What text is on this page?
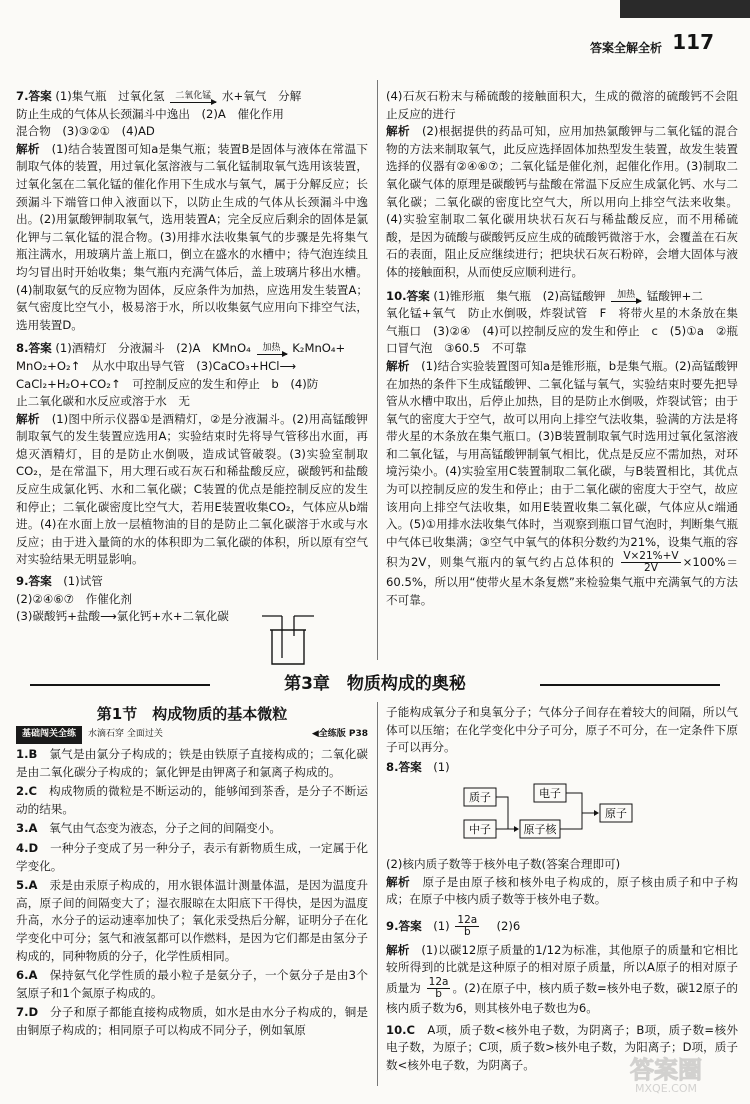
答案全解全析 117

7.答案 (1)集气瓶　过氧化氢	二氧化锰 水+氧气　分解

防止生成的气体从长颈漏斗中逸出　(2)A　催化作用

混合物　(3)③②①　(4)AD

解析　 (1)结合装置图可知a是集气瓶；装置B是固体与液体在常温下制取气体的装置，用过氧化氢溶液与二氧化锰制取氧气选用该装置，过氧化氢在二氧化锰的催化作用下生成水与氧气，属于分解反应；长颈漏斗下端管口伸入液面以下，以防止生成的气体从长颈漏斗中逸出。(2)用氯酸钾制取氧气，选用装置A；完全反应后剩余的固体是氯化钾与二氧化锰的混合物。(3)用排水法收集氧气的步骤是先将集气瓶注满水，用玻璃片盖上瓶口，倒立在盛水的水槽中；待气泡连续且均匀冒出时开始收集；集气瓶内充满气体后，盖上玻璃片移出水槽。(4)制取氨气的反应物为固体，反应条件为加热，应选用发生装置A；氨气密度比空气小，极易溶于水，所以收集氨气应用向下排空气法，选用装置D。

8.答案 (1)酒精灯　分液漏斗　(2)A　KMnO₄	加热	K₂MnO₄+

MnO₂+O₂↑　从水中取出导气管　(3)CaCO₃+HCl⟶

CaCl₂+H₂O+CO₂↑　可控制反应的发生和停止　b　(4)防

止二氧化碳和水反应或溶于水　无

解析　 (1)图中所示仪器①是酒精灯，②是分液漏斗。(2)用高锰酸钾制取氧气的发生装置应选用A；实验结束时先将导气管移出水面，再熄灭酒精灯，目的是防止水倒吸，造成试管破裂。(3)实验室制取CO₂，是在常温下，用大理石或石灰石和稀盐酸反应，碳酸钙和盐酸反应生成氯化钙、水和二氧化碳；C装置的优点是能控制反应的发生和停止；二氧化碳密度比空气大，若用E装置收集CO₂，气体应从b端进。(4)在水面上放一层植物油的目的是防止二氧化碳溶于水或与水反应；由于进入量筒的水的体积即为二氧化碳的体积，所以原有空气对实验结果无明显影响。

9.答案　 (1)试管

(2)②④⑥⑦　作催化剂

(3)碳酸钙+盐酸⟶氯化钙+水+二氧化碳

(4)石灰石粉末与稀硫酸的接触面积大，生成的微溶的硫酸钙不会阻止反应的进行

解析　 (2)根据提供的药品可知，应用加热氯酸钾与二氧化锰的混合物的方法来制取氧气，此反应选择固体加热型发生装置，故发生装置选择的仪器有②④⑥⑦；二氧化锰是催化剂，起催化作用。(3)制取二氧化碳气体的原理是碳酸钙与盐酸在常温下反应生成氯化钙、水与二氧化碳；二氧化碳的密度比空气大，所以用向上排空气法来收集。(4)实验室制取二氧化碳用块状石灰石与稀盐酸反应，而不用稀硫酸，是因为硫酸与碳酸钙反应生成的硫酸钙微溶于水，会覆盖在石灰石的表面，阻止反应继续进行；把块状石灰石粉碎，会增大固体与液体的接触面积，从而使反应顺利进行。

10.答案 (1)锥形瓶　集气瓶　(2)高锰酸钾	加热	锰酸钾+二

氧化锰+氧气　防止水倒吸，炸裂试管　F　将带火星的木条放在集气瓶口　(3)②④　(4)可以控制反应的发生和停止　c　(5)①a　②瓶口冒气泡　③60.5　不可靠

解析　 (1)结合实验装置图可知a是锥形瓶，b是集气瓶。(2)高锰酸钾在加热的条件下生成锰酸钾、二氧化锰与氧气，实验结束时要先把导管从水槽中取出，后停止加热，目的是防止水倒吸，炸裂试管；由于氧气的密度大于空气，故可以用向上排空气法收集，验满的方法是将带火星的木条放在集气瓶口。(3)B装置制取氧气时选用过氧化氢溶液和二氧化锰，与用高锰酸钾制氧气相比，优点是反应不需加热，对环境污染小。(4)实验室用C装置制取二氧化碳，与B装置相比，其优点为可以控制反应的发生和停止；由于二氧化碳的密度大于空气，故应该用向上排空气法收集，如用E装置收集二氧化碳，气体应从c端通入。(5)①用排水法收集气体时，当观察到瓶口冒气泡时，判断集气瓶中气体已收集满；③空气中氧气的体积分数约为21%，设集气瓶的容积为2V，则集气瓶内的氧气约占总体积的 $\frac{V\times 21\%+V}{2V} \times 100\%=60.5\%$，所以用“使带火星木条复燃”来检验集气瓶中充满氧气的方法不可靠。

第3章　物质构成的奥秘
第1节　构成物质的基本微粒
基础闯关全练	水滴石穿 全面过关	◀全练版 P38

1.B　 氯气是由氯分子构成的；铁是由铁原子直接构成的；二氧化碳是由二氧化碳分子构成的；氯化钾是由钾离子和氯离子构成的。

2.C　 构成物质的微粒是不断运动的，能够闻到茶香，是分子不断运动的结果。

3.A　 氧气由气态变为液态，分子之间的间隔变小。

4.D　 一种分子变成了另一种分子，表示有新物质生成，一定属于化学变化。

5.A　 汞是由汞原子构成的，用水银体温计测量体温，是因为温度升高，原子间的间隔变大了；湿衣服晾在太阳底下干得快，是因为温度升高，水分子的运动速率加快了；氧化汞受热后分解，证明分子在化学变化中可分；氢气和液氢都可以作燃料，是因为它们都是由氢分子构成的，同种物质的分子，化学性质相同。

6.A　 保持氨气化学性质的最小粒子是氨分子，一个氨分子是由3个氢原子和1个氮原子构成的。

7.D　 分子和原子都能直接构成物质，如水是由水分子构成的，铜是由铜原子构成的；相同原子可以构成不同分子，例如氧原

子能构成氧分子和臭氧分子；气体分子间存在着较大的间隔，所以气体可以压缩；在化学变化中分子可分，原子不可分，在一定条件下原子可以再分。

8.答案　 (1)

质子
中子	原子核
电子
原子

(2)核内质子数等于核外电子数(答案合理即可)

解析　 原子是由原子核和核外电子构成的，原子核由质子和中子构成；在原子中核内质子数等于核外电子数。

9.答案　 $(1) \frac{12a}{b}$
　 (2)6

解析　 (1)以碳12原子质量的1/12为标准，其他原子的质量和它相比较所得到的比就是这种原子的相对原子质量，所以A原子的相对原子质量为 $\frac{12a}{b}$ 。(2)在原子中，核内质子数=核外电子数，碳12原子的核内质子数为6，则其核外电子数也为6。

10.C　 A项，质子数<核外电子数，为阴离子；B项，质子数=核外电子数，为原子；C项，质子数>核外电子数，为阳离子；D项，质子数<核外电子数，为阴离子。	答案圈
MXQE.COM
